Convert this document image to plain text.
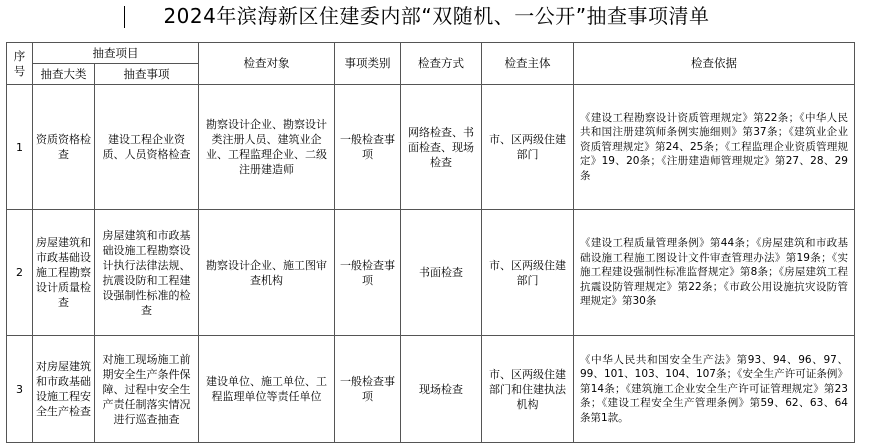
2024年滨海新区住建委内部“双随机、一公开”抽查事项清单
序号	抽查项目		检查对象	事项类别	检查方式	检查主体	检查依据
	抽查大类	抽查事项					
1	资质资格检查	建设工程企业资质、人员资格检查	勘察设计企业、勘察设计类注册人员、建筑业企业、工程监理企业、二级注册建造师	一般检查事项	网络检查、书面检查、现场检查	市、区两级住建部门	《建设工程勘察设计资质管理规定》第22条；《中华人民共和国注册建筑师条例实施细则》第37条；《建筑业企业资质管理规定》第24、25条；《工程监理企业资质管理规定》19、20条；《注册建造师管理规定》第27、28、29条
2	房屋建筑和市政基础设施工程勘察设计质量检查	房屋建筑和市政基础设施工程勘察设计执行法律法规、抗震设防和工程建设强制性标准的检查	勘察设计企业、施工图审查机构	一般检查事项	书面检查	市、区两级住建部门	《建设工程质量管理条例》第44条；《房屋建筑和市政基础设施工程施工图设计文件审查管理办法》第19条；《实施工程建设强制性标准监督规定》第8条；《房屋建筑工程抗震设防管理规定》第22条；《市政公用设施抗灾设防管理规定》第30条
3	对房屋建筑和市政基础设施工程安全生产检查	对施工现场施工前期安全生产条件保障、过程中安全生产责任制落实情况进行巡查抽查	建设单位、施工单位、工程监理单位等责任单位	一般检查事项	现场检查	市、区两级住建部门和住建执法机构	《中华人民共和国安全生产法》第93、94、96、97、99、101、103、104、107条；《安全生产许可证条例》第14条；《建筑施工企业安全生产许可证管理规定》第23条；《建设工程安全生产管理条例》第59、62、63、64条第1款。
